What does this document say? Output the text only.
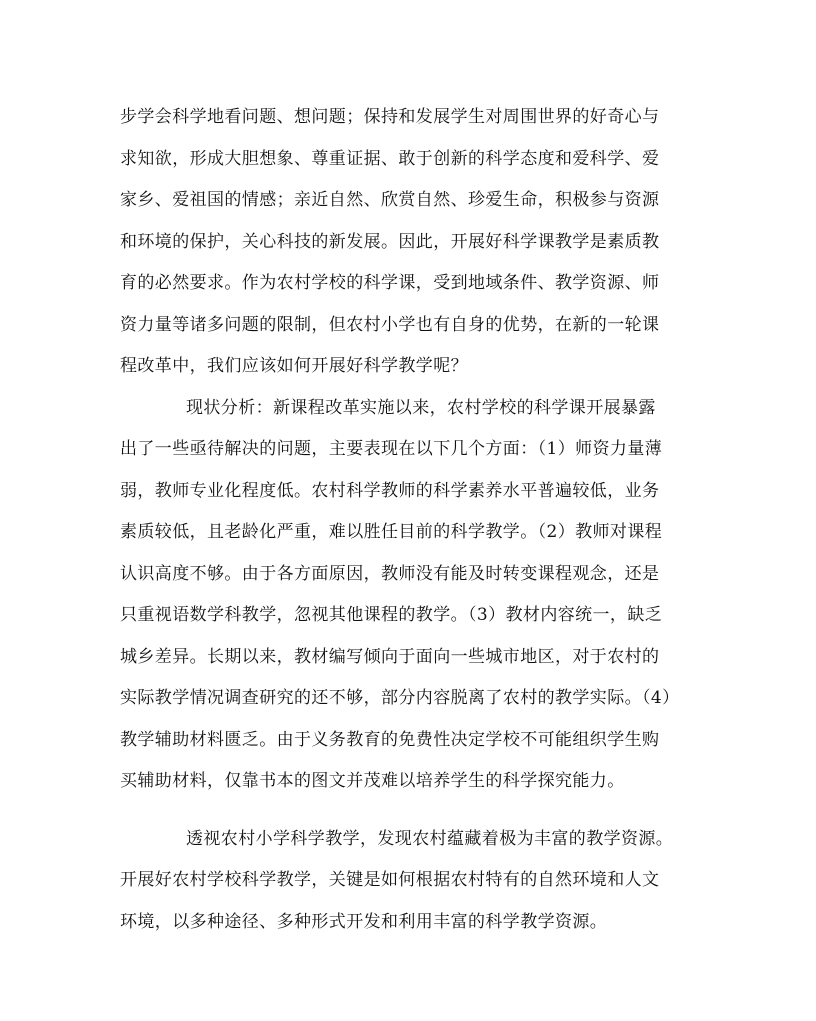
步学会科学地看问题、想问题；保持和发展学生对周围世界的好奇心与
求知欲，形成大胆想象、尊重证据、敢于创新的科学态度和爱科学、爱
家乡、爱祖国的情感；亲近自然、欣赏自然、珍爱生命，积极参与资源
和环境的保护，关心科技的新发展。因此，开展好科学课教学是素质教
育的必然要求。作为农村学校的科学课，受到地域条件、教学资源、师
资力量等诸多问题的限制，但农村小学也有自身的优势，在新的一轮课
程改革中，我们应该如何开展好科学教学呢？
现状分析：新课程改革实施以来，农村学校的科学课开展暴露
出了一些亟待解决的问题，主要表现在以下几个方面：（1）师资力量薄
弱，教师专业化程度低。农村科学教师的科学素养水平普遍较低，业务
素质较低，且老龄化严重，难以胜任目前的科学教学。（2）教师对课程
认识高度不够。由于各方面原因，教师没有能及时转变课程观念，还是
只重视语数学科教学，忽视其他课程的教学。（3）教材内容统一，缺乏
城乡差异。长期以来，教材编写倾向于面向一些城市地区，对于农村的
实际教学情况调查研究的还不够，部分内容脱离了农村的教学实际。（4）
教学辅助材料匮乏。由于义务教育的免费性决定学校不可能组织学生购
买辅助材料，仅靠书本的图文并茂难以培养学生的科学探究能力。
透视农村小学科学教学，发现农村蕴藏着极为丰富的教学资源。
开展好农村学校科学教学，关键是如何根据农村特有的自然环境和人文
环境，以多种途径、多种形式开发和利用丰富的科学教学资源。
